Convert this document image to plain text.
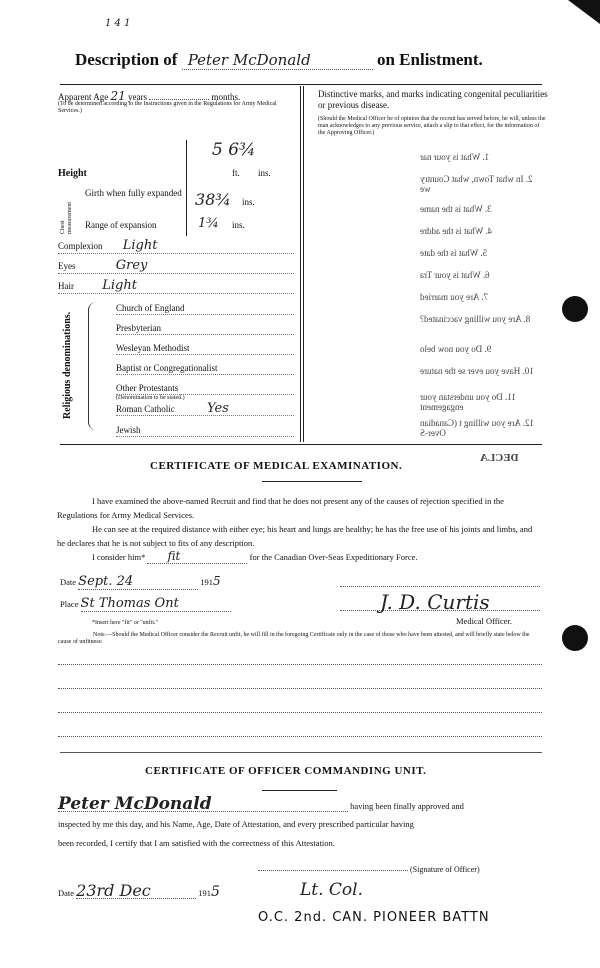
1 4 1
Description of Peter McDonald	on Enlistment.
Apparent Age 21 years	months.
(To be determined according to the Instructions given in the Regulations for Army Medical Services.)
5 6¾
Height	ft. ins.
Chest measurement
Girth when fully expanded 38¾ ins.
Range of expansion	1¾ ins.
Complexion Light
Eyes	Grey
Hair Light
Religious denominations.
Church of England
Presbyterian
Wesleyan Methodist
Baptist or Congregationalist
Other Protestants
(Denomination to be stated.)
Roman Catholic Yes
Jewish
Distinctive marks, and marks indicating congenital peculiarities or previous disease.
(Should the Medical Officer be of opinion that the recruit has served before, he will, unless the man acknowledges to any previous service, attach a slip to that effect, for the information of the Approving Officer.)
1. What is your nar
2. In what Town, what Country we
3. What is the name
4. What is the addre
5. What is the date
6. What is your Tra
7. Are you married
8. Are you willing vaccinated?
9. Do you now belo
10. Have you ever se the nature
11. Do you understan your engagement
12. Are you willing t (Canadian Over-S
DECLA
CERTIFICATE OF MEDICAL EXAMINATION.
I have examined the above-named Recruit and find that he does not present any of the causes of rejection specified in the Regulations for Army Medical Services.
He can see at the required distance with either eye; his heart and lungs are healthy; he has the free use of his joints and limbs, and he declares that he is not subject to fits of any description.
I consider him* fit	for the Canadian Over-Seas Expeditionary Force.
Date Sept. 24	1915
Place St Thomas Ont	J. D. Curtis
Medical Officer.
*Insert here "fit" or "unfit."
Note.—Should the Medical Officer consider the Recruit unfit, he will fill in the foregoing Certificate only in the case of those who have been attested, and will briefly state below the cause of unfitness:
CERTIFICATE OF OFFICER COMMANDING UNIT.
Peter McDonald	having been finally approved and
inspected by me this day, and his Name, Age, Date of Attestation, and every prescribed particular having
been recorded, I certify that I am satisfied with the correctness of this Attestation.
(Signature of Officer)
Date 23rd Dec	1915	Lt. Col.
O.C. 2nd. CAN. PIONEER BATTN
